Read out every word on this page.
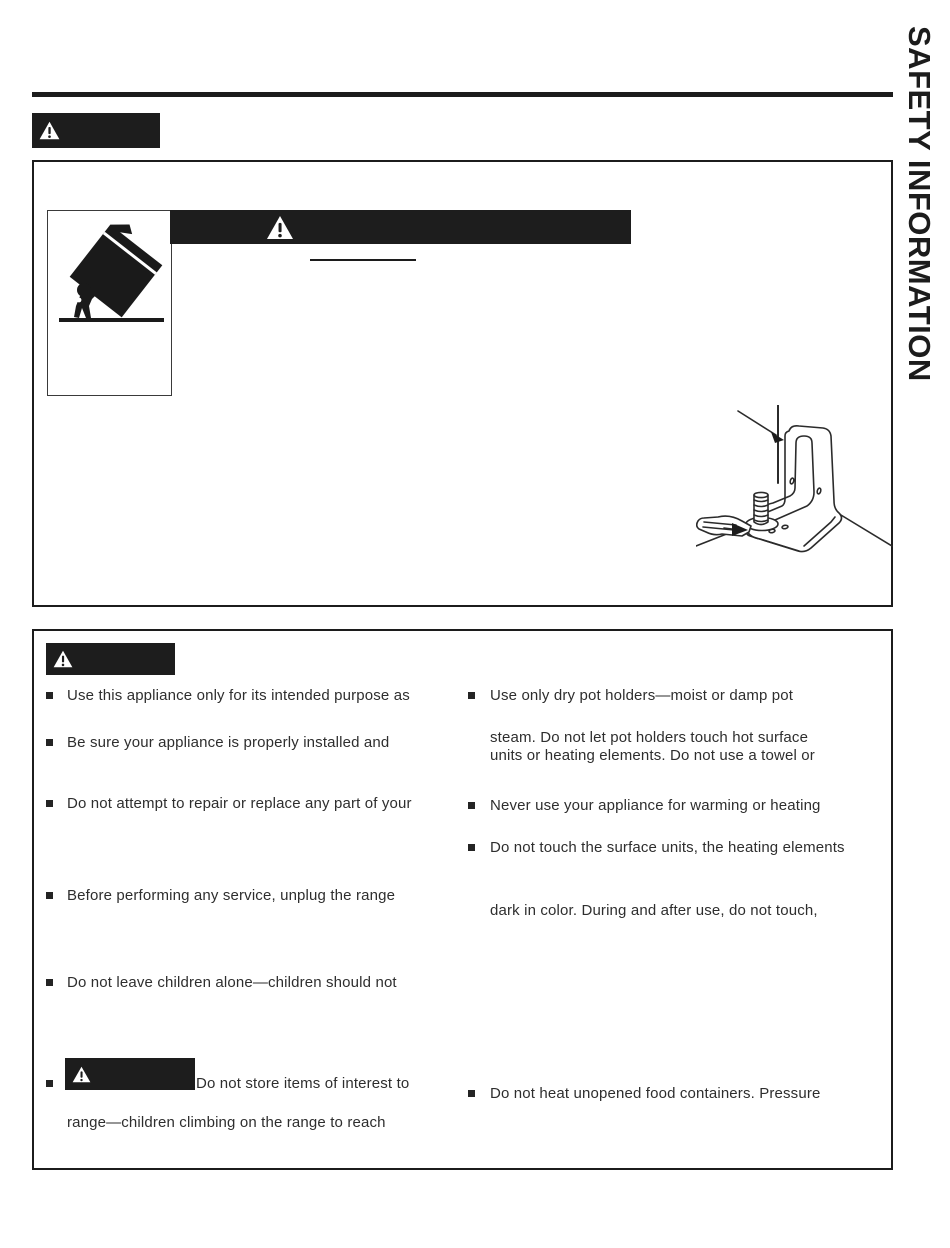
SAFETY INFORMATION
Use this appliance only for its intended purpose as
Be sure your appliance is properly installed and
Do not attempt to repair or replace any part of your
Before performing any service, unplug the range
Do not leave children alone—children should not
Do not store items of interest to
range—children climbing on the range to reach
Use only dry pot holders—moist or damp pot
steam. Do not let pot holders touch hot surface
units or heating elements. Do not use a towel or
Never use your appliance for warming or heating
Do not touch the surface units, the heating elements
dark in color. During and after use, do not touch,
Do not heat unopened food containers. Pressure
